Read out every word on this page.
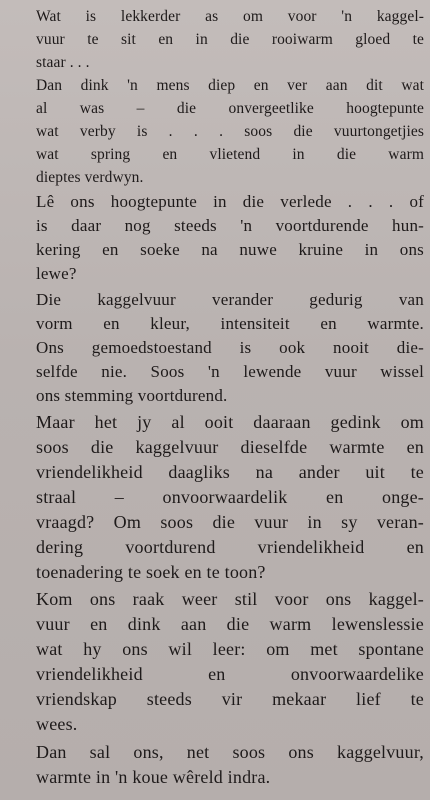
Wat is lekkerder as om voor 'n kaggel-
vuur te sit en in die rooiwarm gloed te
staar . . .
Dan dink 'n mens diep en ver aan dit wat
al was – die onvergeetlike hoogtepunte
wat verby is . . . soos die vuurtongetjies
wat spring en vlietend in die warm
dieptes verdwyn.
Lê ons hoogtepunte in die verlede . . . of
is daar nog steeds 'n voortdurende hun-
kering en soeke na nuwe kruine in ons
lewe?
Die kaggelvuur verander gedurig van
vorm en kleur, intensiteit en warmte.
Ons gemoedstoestand is ook nooit die-
selfde nie. Soos 'n lewende vuur wissel
ons stemming voortdurend.
Maar het jy al ooit daaraan gedink om
soos die kaggelvuur dieselfde warmte en
vriendelikheid daagliks na ander uit te
straal – onvoorwaardelik en onge-
vraagd? Om soos die vuur in sy veran-
dering voortdurend vriendelikheid en
toenadering te soek en te toon?
Kom ons raak weer stil voor ons kaggel-
vuur en dink aan die warm lewenslessie
wat hy ons wil leer: om met spontane
vriendelikheid en onvoorwaardelike
vriendskap steeds vir mekaar lief te
wees.
Dan sal ons, net soos ons kaggelvuur,
warmte in 'n koue wêreld indra.
